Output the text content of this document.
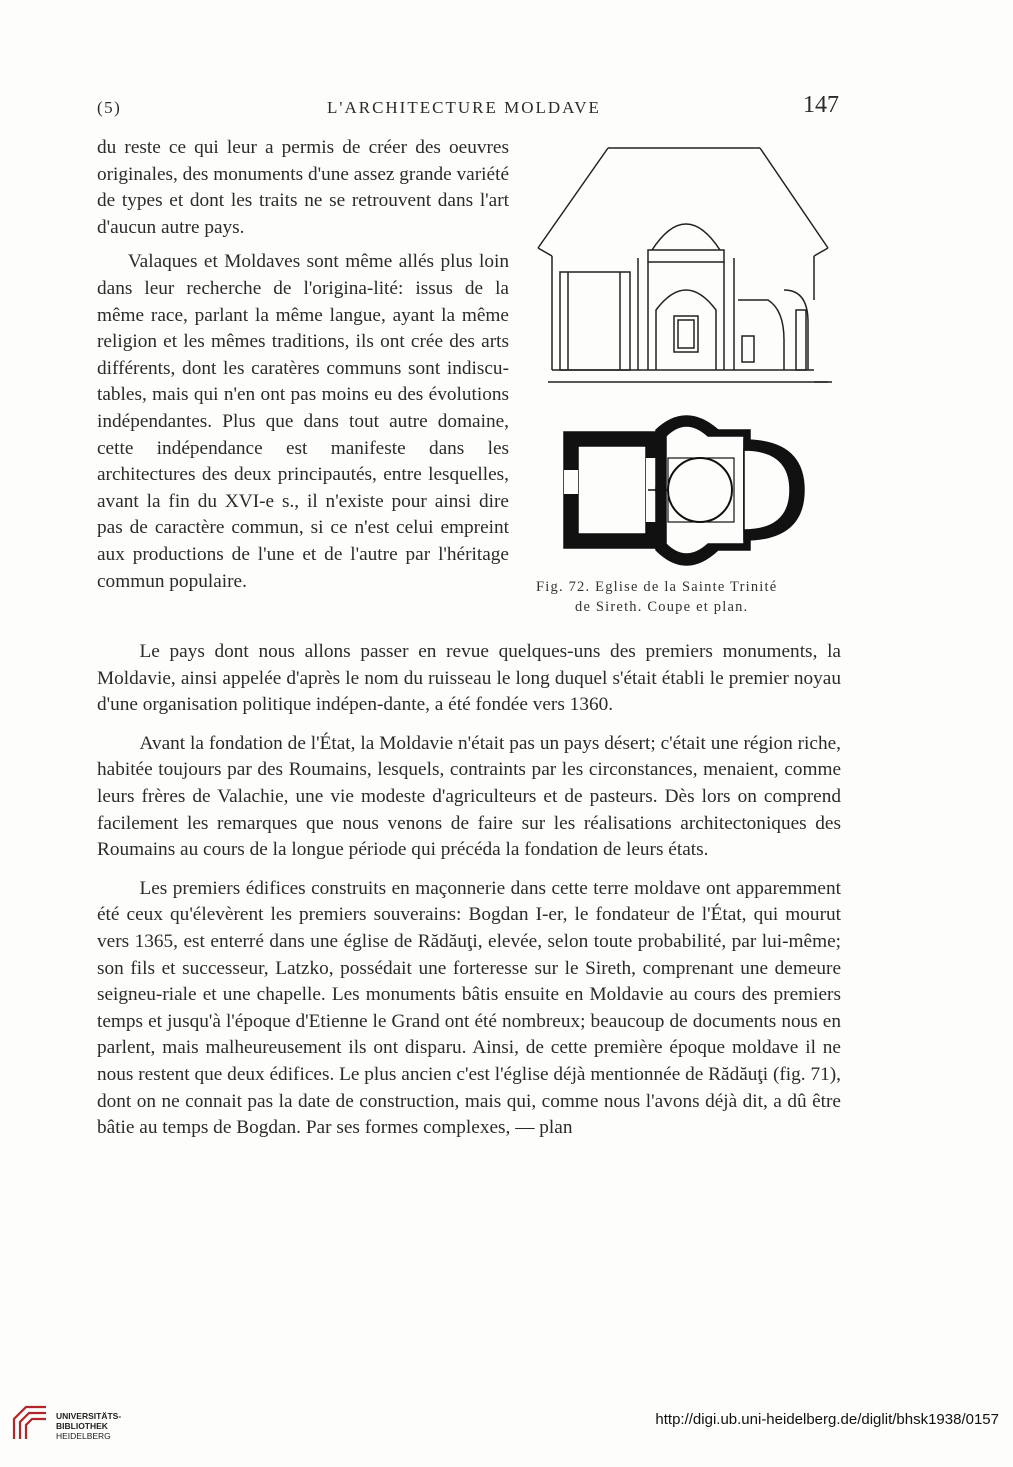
(5)	L'ARCHITECTURE MOLDAVE	147

du reste ce qui leur a permis de créer des oeuvres originales, des monuments d'une assez grande variété de types et dont les traits ne se retrouvent dans l'art d'aucun autre pays.

Valaques et Moldaves sont même allés plus loin dans leur recherche de l'origina-lité: issus de la même race, parlant la même langue, ayant la même religion et les mêmes traditions, ils ont crée des arts différents, dont les caratères communs sont indiscu-tables, mais qui n'en ont pas moins eu des évolutions indépendantes. Plus que dans tout autre domaine, cette indépendance est manifeste dans les architectures des deux principautés, entre lesquelles, avant la fin du XVI-e s., il n'existe pour ainsi dire pas de caractère commun, si ce n'est celui empreint aux productions de l'une et de l'autre par l'héritage commun populaire.	Fig. 72. Eglise de la Sainte Trinité
de Sireth. Coupe et plan.

Le pays dont nous allons passer en revue quelques-uns des premiers monuments, la Moldavie, ainsi appelée d'après le nom du ruisseau le long duquel s'était établi le premier noyau d'une organisation politique indépen-dante, a été fondée vers 1360.

Avant la fondation de l'État, la Moldavie n'était pas un pays désert; c'était une région riche, habitée toujours par des Roumains, lesquels, contraints par les circonstances, menaient, comme leurs frères de Valachie, une vie modeste d'agriculteurs et de pasteurs. Dès lors on comprend facilement les remarques que nous venons de faire sur les réalisations architectoniques des Roumains au cours de la longue période qui précéda la fondation de leurs états.

Les premiers édifices construits en maçonnerie dans cette terre moldave ont apparemment été ceux qu'élevèrent les premiers souverains: Bogdan I-er, le fondateur de l'État, qui mourut vers 1365, est enterré dans une église de Rădăuţi, elevée, selon toute probabilité, par lui-même; son fils et successeur, Latzko, possédait une forteresse sur le Sireth, comprenant une demeure seigneu-riale et une chapelle. Les monuments bâtis ensuite en Moldavie au cours des premiers temps et jusqu'à l'époque d'Etienne le Grand ont été nombreux; beaucoup de documents nous en parlent, mais malheureusement ils ont disparu. Ainsi, de cette première époque moldave il ne nous restent que deux édifices. Le plus ancien c'est l'église déjà mentionnée de Rădăuţi (fig. 71), dont on ne connait pas la date de construction, mais qui, comme nous l'avons déjà dit, a dû être bâtie au temps de Bogdan. Par ses formes complexes, — plan

UNIVERSITÄTS-
BIBLIOTHEK
HEIDELBERG
http://digi.ub.uni-heidelberg.de/diglit/bhsk1938/0157
